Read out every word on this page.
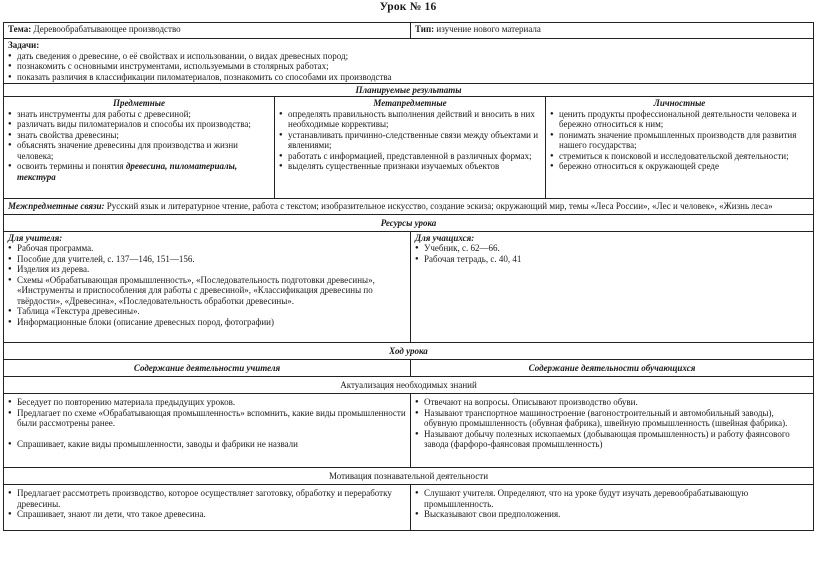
Урок № 16
Тема: Деревообрабатывающее производство	Тип: изучение нового материала
Задачи:
● дать сведения о древесине, о её свойствах и использовании, о видах древесных пород;
● познакомить с основными инструментами, используемыми в столярных работах;
● показать различия в классификации пиломатериалов, познакомить со способами их производства
Планируемые результаты
Предметные
● знать инструменты для работы с древесиной;
● различать виды пиломатериалов и способы их производства;
● знать свойства древесины;
● объяснять значение древесины для производства и жизни человека;
● освоить термины и понятия древесина, пиломатериалы, текстура
Метапредметные
● определять правильность выполнения действий и вносить в них необходимые коррективы;
● устанавливать причинно-следственные связи между объектами и явлениями;
● работать с информацией, представленной в различных формах;
● выделять существенные признаки изучаемых объектов
Личностные
● ценить продукты профессиональной деятельности человека и бережно относиться к ним;
● понимать значение промышленных производств для развития нашего государства;
● стремиться к поисковой и исследовательской деятельности;
● бережно относиться к окружающей среде
Межпредметные связи: Русский язык и литературное чтение, работа с текстом; изобразительное искусство, создание эскиза; окружающий мир, темы «Леса России», «Лес и человек», «Жизнь леса»
Ресурсы урока
Для учителя:
● Рабочая программа.
● Пособие для учителей, с. 137—146, 151—156.
● Изделия из дерева.
● Схемы «Обрабатывающая промышленность», «Последовательность подготовки древесины», «Инструменты и приспособления для работы с древесиной», «Классификация древесины по твёрдости», «Древесина», «Последовательность обработки древесины».
● Таблица «Текстура древесины».
● Информационные блоки (описание древесных пород, фотографии)
Для учащихся:
● Учебник, с. 62—66.
● Рабочая тетрадь, с. 40, 41
Ход урока
Содержание деятельности учителя	Содержание деятельности обучающихся
Актуализация необходимых знаний
● Беседует по повторению материала предыдущих уроков.
● Предлагает по схеме «Обрабатывающая промышленность» вспомнить, какие виды промышленности были рассмотрены ранее.
● Спрашивает, какие виды промышленности, заводы и фабрики не назвали
● Отвечают на вопросы. Описывают производство обуви.
● Называют транспортное машиностроение (вагоностроительный и автомобильный заводы), обувную промышленность (обувная фабрика), швейную промышленность (швейная фабрика).
● Называют добычу полезных ископаемых (добывающая промышленность) и работу фаянсового завода (фарфоро-фаянсовая промышленность)
Мотивация познавательной деятельности
● Предлагает рассмотреть производство, которое осуществляет заготовку, обработку и переработку древесины.
● Спрашивает, знают ли дети, что такое древесина.
● Слушают учителя. Определяют, что на уроке будут изучать деревообрабатывающую промышленность.
● Высказывают свои предположения.
